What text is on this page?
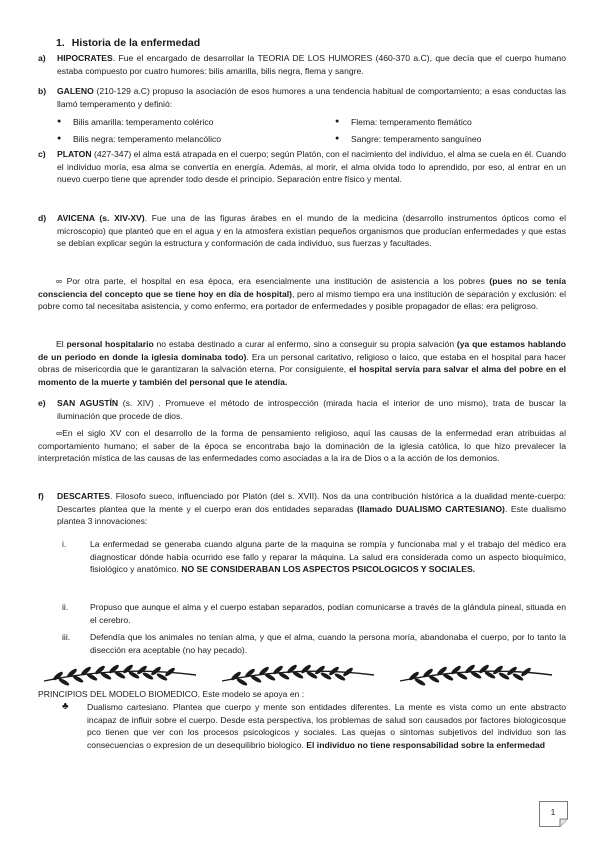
1. Historia de la enfermedad
a) HIPOCRATES. Fue el encargado de desarrollar la TEORIA DE LOS HUMORES (460-370 a.C), que decía que el cuerpo humano estaba compuesto por cuatro humores: bilis amarilla, bilis negra, flema y sangre.
b) GALENO (210-129 a.C) propuso la asociación de esos humores a una tendencia habitual de comportamiento; a esas conductas las llamó temperamento y definió:
● Bilis amarilla: temperamento colérico
● Bilis negra: temperamento melancólico
● Flema: temperamento flemático
● Sangre: temperamento sanguíneo
c) PLATON (427-347) el alma está atrapada en el cuerpo; según Platón, con el nacimiento del individuo, el alma se cuela en él. Cuando el individuo moría, esa alma se convertía en energía. Además, al morir, el alma olvida todo lo aprendido, por eso, al entrar en un nuevo cuerpo tiene que aprender todo desde el principio. Separación entre físico y mental.
d) AVICENA (s. XIV-XV). Fue una de las figuras árabes en el mundo de la medicina (desarrollo instrumentos ópticos como el microscopio) que planteó que en el agua y en la atmosfera existían pequeños organismos que producían enfermedades y que estas se debían explicar según la estructura y conformación de cada individuo, sus fuerzas y facultades.
∞ Por otra parte, el hospital en esa época, era esencialmente una institución de asistencia a los pobres (pues no se tenía consciencia del concepto que se tiene hoy en día de hospital), pero al mismo tiempo era una institución de separación y exclusión: el pobre como tal necesitaba asistencia, y como enfermo, era portador de enfermedades y posible propagador de ellas: era peligroso.
El personal hospitalario no estaba destinado a curar al enfermo, sino a conseguir su propia salvación (ya que estamos hablando de un periodo en donde la iglesia dominaba todo). Era un personal caritativo, religioso o laico, que estaba en el hospital para hacer obras de misericordia que le garantizaran la salvación eterna. Por consiguiente, el hospital servía para salvar el alma del pobre en el momento de la muerte y también del personal que le atendía.
e) SAN AGUSTÍN (s. XIV) . Promueve el método de introspección (mirada hacia el interior de uno mismo), trata de buscar la iluminación que procede de dios.
∞En el siglo XV con el desarrollo de la forma de pensamiento religioso, aquí las causas de la enfermedad eran atribuidas al comportamiento humano; el saber de la época se encontraba bajo la dominación de la iglesia católica, lo que hizo prevalecer la interpretación mística de las causas de las enfermedades como asociadas a la ira de Dios o a la acción de los demonios.
f) DESCARTES. Filosofo sueco, influenciado por Platón (del s. XVII). Nos da una contribución histórica a la dualidad mente-cuerpo: Descartes plantea que la mente y el cuerpo eran dos entidades separadas (llamado DUALISMO CARTESIANO). Este dualismo plantea 3 innovaciones:
i.	La enfermedad se generaba cuando alguna parte de la maquina se rompía y funcionaba mal y el trabajo del médico era diagnosticar dónde había ocurrido ese fallo y reparar la máquina. La salud era considerada como un aspecto bioquímico, fisiológico y anatómico. NO SE CONSIDERABAN LOS ASPECTOS PSICOLOGICOS Y SOCIALES.
ii.	Propuso que aunque el alma y el cuerpo estaban separados, podían comunicarse a través de la glándula pineal, situada en el cerebro.
iii. Defendía que los animales no tenían alma, y que el alma, cuando la persona moría, abandonaba el cuerpo, por lo tanto la disección era aceptable (no hay pecado).
PRINCIPIOS DEL MODELO BIOMEDICO. Este modelo se apoya en :
♣ Dualismo cartesiano. Plantea que cuerpo y mente son entidades diferentes. La mente es vista como un ente abstracto incapaz de influir sobre el cuerpo. Desde esta perspectiva, los problemas de salud son causados por factores biologicosque pco tienen que ver con los procesos psicologicos y sociales. Las quejas o sintomas subjetivos del individuo son las consecuencias o expresion de un desequilibrio biologico. El individuo no tiene responsabilidad sobre la enfermedad
1
